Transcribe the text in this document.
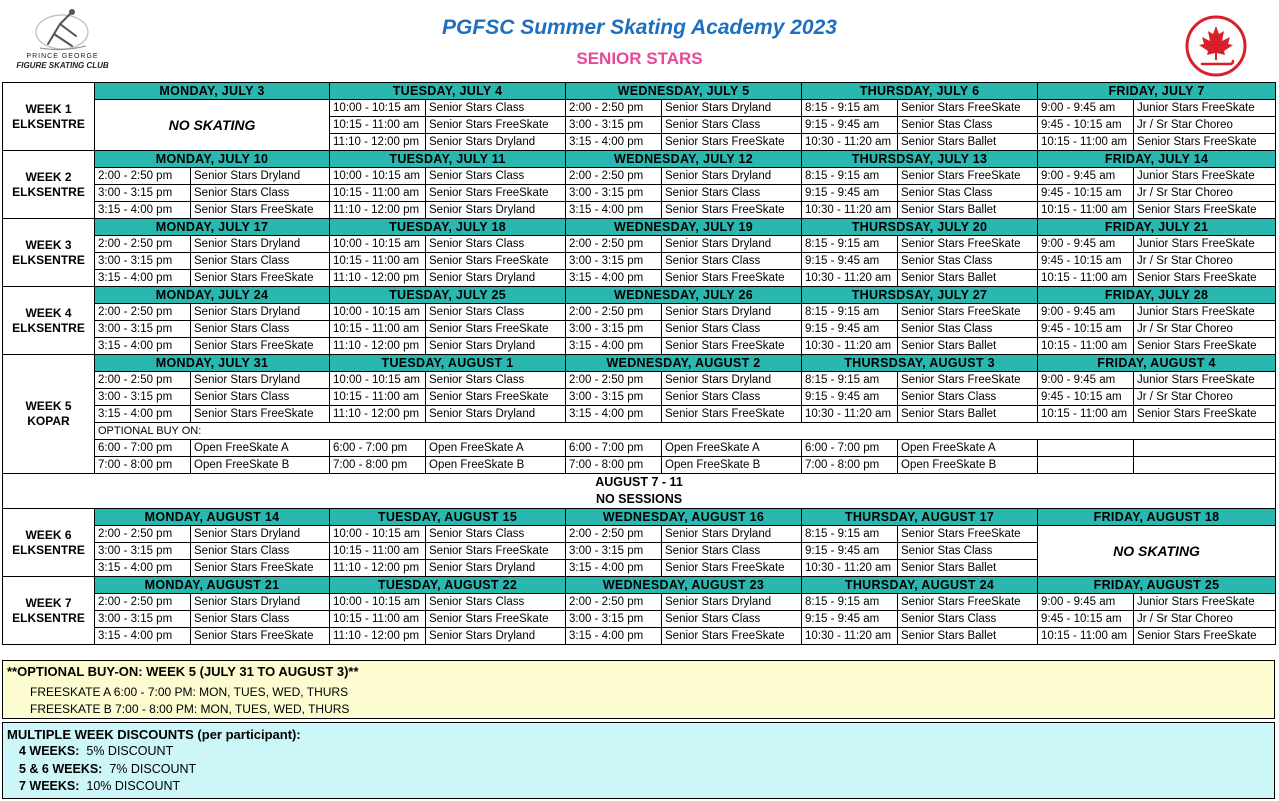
PRINCE GEORGE
FIGURE SKATING CLUB
PGFSC Summer Skating Academy 2023
SENIOR STARS
WEEK 1
ELKSENTRE	MONDAY, JULY 3		TUESDAY, JULY 4		WEDNESDAY, JULY 5		THURSDAY, JULY 6		FRIDAY, JULY 7	
	NO SKATING		10:00 - 10:15 am	Senior Stars Class	2:00 - 2:50 pm	Senior Stars Dryland	8:15 - 9:15 am	Senior Stars FreeSkate	9:00 - 9:45 am	Junior Stars FreeSkate
			10:15 - 11:00 am	Senior Stars FreeSkate	3:00 - 3:15 pm	Senior Stars Class	9:15 - 9:45 am	Senior Stas Class	9:45 - 10:15 am	Jr / Sr Star Choreo
			11:10 - 12:00 pm	Senior Stars Dryland	3:15 - 4:00 pm	Senior Stars FreeSkate	10:30 - 11:20 am	Senior Stars Ballet	10:15 - 11:00 am	Senior Stars FreeSkate

WEEK 2
ELKSENTRE	MONDAY, JULY 10		TUESDAY, JULY 11		WEDNESDAY, JULY 12		THURSDSAY, JULY 13		FRIDAY, JULY 14	
	2:00 - 2:50 pm	Senior Stars Dryland	10:00 - 10:15 am	Senior Stars Class	2:00 - 2:50 pm	Senior Stars Dryland	8:15 - 9:15 am	Senior Stars FreeSkate	9:00 - 9:45 am	Junior Stars FreeSkate
	3:00 - 3:15 pm	Senior Stars Class	10:15 - 11:00 am	Senior Stars FreeSkate	3:00 - 3:15 pm	Senior Stars Class	9:15 - 9:45 am	Senior Stas Class	9:45 - 10:15 am	Jr / Sr Star Choreo
	3:15 - 4:00 pm	Senior Stars FreeSkate	11:10 - 12:00 pm	Senior Stars Dryland	3:15 - 4:00 pm	Senior Stars FreeSkate	10:30 - 11:20 am	Senior Stars Ballet	10:15 - 11:00 am	Senior Stars FreeSkate

WEEK 3
ELKSENTRE	MONDAY, JULY 17		TUESDAY, JULY 18		WEDNESDAY, JULY 19		THURSDSAY, JULY 20		FRIDAY, JULY 21	
	2:00 - 2:50 pm	Senior Stars Dryland	10:00 - 10:15 am	Senior Stars Class	2:00 - 2:50 pm	Senior Stars Dryland	8:15 - 9:15 am	Senior Stars FreeSkate	9:00 - 9:45 am	Junior Stars FreeSkate
	3:00 - 3:15 pm	Senior Stars Class	10:15 - 11:00 am	Senior Stars FreeSkate	3:00 - 3:15 pm	Senior Stars Class	9:15 - 9:45 am	Senior Stas Class	9:45 - 10:15 am	Jr / Sr Star Choreo
	3:15 - 4:00 pm	Senior Stars FreeSkate	11:10 - 12:00 pm	Senior Stars Dryland	3:15 - 4:00 pm	Senior Stars FreeSkate	10:30 - 11:20 am	Senior Stars Ballet	10:15 - 11:00 am	Senior Stars FreeSkate

WEEK 4
ELKSENTRE	MONDAY, JULY 24		TUESDAY, JULY 25		WEDNESDAY, JULY 26		THURSDSAY, JULY 27		FRIDAY, JULY 28	
	2:00 - 2:50 pm	Senior Stars Dryland	10:00 - 10:15 am	Senior Stars Class	2:00 - 2:50 pm	Senior Stars Dryland	8:15 - 9:15 am	Senior Stars FreeSkate	9:00 - 9:45 am	Junior Stars FreeSkate
	3:00 - 3:15 pm	Senior Stars Class	10:15 - 11:00 am	Senior Stars FreeSkate	3:00 - 3:15 pm	Senior Stars Class	9:15 - 9:45 am	Senior Stas Class	9:45 - 10:15 am	Jr / Sr Star Choreo
	3:15 - 4:00 pm	Senior Stars FreeSkate	11:10 - 12:00 pm	Senior Stars Dryland	3:15 - 4:00 pm	Senior Stars FreeSkate	10:30 - 11:20 am	Senior Stars Ballet	10:15 - 11:00 am	Senior Stars FreeSkate

WEEK 5
KOPAR	MONDAY, JULY 31		TUESDAY, AUGUST 1		WEDNESDAY, AUGUST 2		THURSDSAY, AUGUST 3		FRIDAY, AUGUST 4	
	2:00 - 2:50 pm	Senior Stars Dryland	10:00 - 10:15 am	Senior Stars Class	2:00 - 2:50 pm	Senior Stars Dryland	8:15 - 9:15 am	Senior Stars FreeSkate	9:00 - 9:45 am	Junior Stars FreeSkate
	3:00 - 3:15 pm	Senior Stars Class	10:15 - 11:00 am	Senior Stars FreeSkate	3:00 - 3:15 pm	Senior Stars Class	9:15 - 9:45 am	Senior Stars Class	9:45 - 10:15 am	Jr / Sr Star Choreo
	3:15 - 4:00 pm	Senior Stars FreeSkate	11:10 - 12:00 pm	Senior Stars Dryland	3:15 - 4:00 pm	Senior Stars FreeSkate	10:30 - 11:20 am	Senior Stars Ballet	10:15 - 11:00 am	Senior Stars FreeSkate
	OPTIONAL BUY ON:									
	6:00 - 7:00 pm	Open FreeSkate A	6:00 - 7:00 pm	Open FreeSkate A	6:00 - 7:00 pm	Open FreeSkate A	6:00 - 7:00 pm	Open FreeSkate A		
	7:00 - 8:00 pm	Open FreeSkate B	7:00 - 8:00 pm	Open FreeSkate B	7:00 - 8:00 pm	Open FreeSkate B	7:00 - 8:00 pm	Open FreeSkate B		

AUGUST 7 - 11
NO SESSIONS										

WEEK 6
ELKSENTRE	MONDAY, AUGUST 14		TUESDAY, AUGUST 15		WEDNESDAY, AUGUST 16		THURSDAY, AUGUST 17		FRIDAY, AUGUST 18	
	2:00 - 2:50 pm	Senior Stars Dryland	10:00 - 10:15 am	Senior Stars Class	2:00 - 2:50 pm	Senior Stars Dryland	8:15 - 9:15 am	Senior Stars FreeSkate	NO SKATING	
	3:00 - 3:15 pm	Senior Stars Class	10:15 - 11:00 am	Senior Stars FreeSkate	3:00 - 3:15 pm	Senior Stars Class	9:15 - 9:45 am	Senior Stas Class		
	3:15 - 4:00 pm	Senior Stars FreeSkate	11:10 - 12:00 pm	Senior Stars Dryland	3:15 - 4:00 pm	Senior Stars FreeSkate	10:30 - 11:20 am	Senior Stars Ballet		

WEEK 7
ELKSENTRE	MONDAY, AUGUST 21		TUESDAY, AUGUST 22		WEDNESDAY, AUGUST 23		THURSDAY, AUGUST 24		FRIDAY, AUGUST 25	
	2:00 - 2:50 pm	Senior Stars Dryland	10:00 - 10:15 am	Senior Stars Class	2:00 - 2:50 pm	Senior Stars Dryland	8:15 - 9:15 am	Senior Stars FreeSkate	9:00 - 9:45 am	Junior Stars FreeSkate
	3:00 - 3:15 pm	Senior Stars Class	10:15 - 11:00 am	Senior Stars FreeSkate	3:00 - 3:15 pm	Senior Stars Class	9:15 - 9:45 am	Senior Stars Class	9:45 - 10:15 am	Jr / Sr Star Choreo
	3:15 - 4:00 pm	Senior Stars FreeSkate	11:10 - 12:00 pm	Senior Stars Dryland	3:15 - 4:00 pm	Senior Stars FreeSkate	10:30 - 11:20 am	Senior Stars Ballet	10:15 - 11:00 am	Senior Stars FreeSkate
**OPTIONAL BUY-ON: WEEK 5 (JULY 31 TO AUGUST 3)**
FREESKATE A 6:00 - 7:00 PM: MON, TUES, WED, THURS
FREESKATE B 7:00 - 8:00 PM: MON, TUES, WED, THURS
MULTIPLE WEEK DISCOUNTS (per participant):
4 WEEKS: 5% DISCOUNT
5 & 6 WEEKS: 7% DISCOUNT
7 WEEKS: 10% DISCOUNT
